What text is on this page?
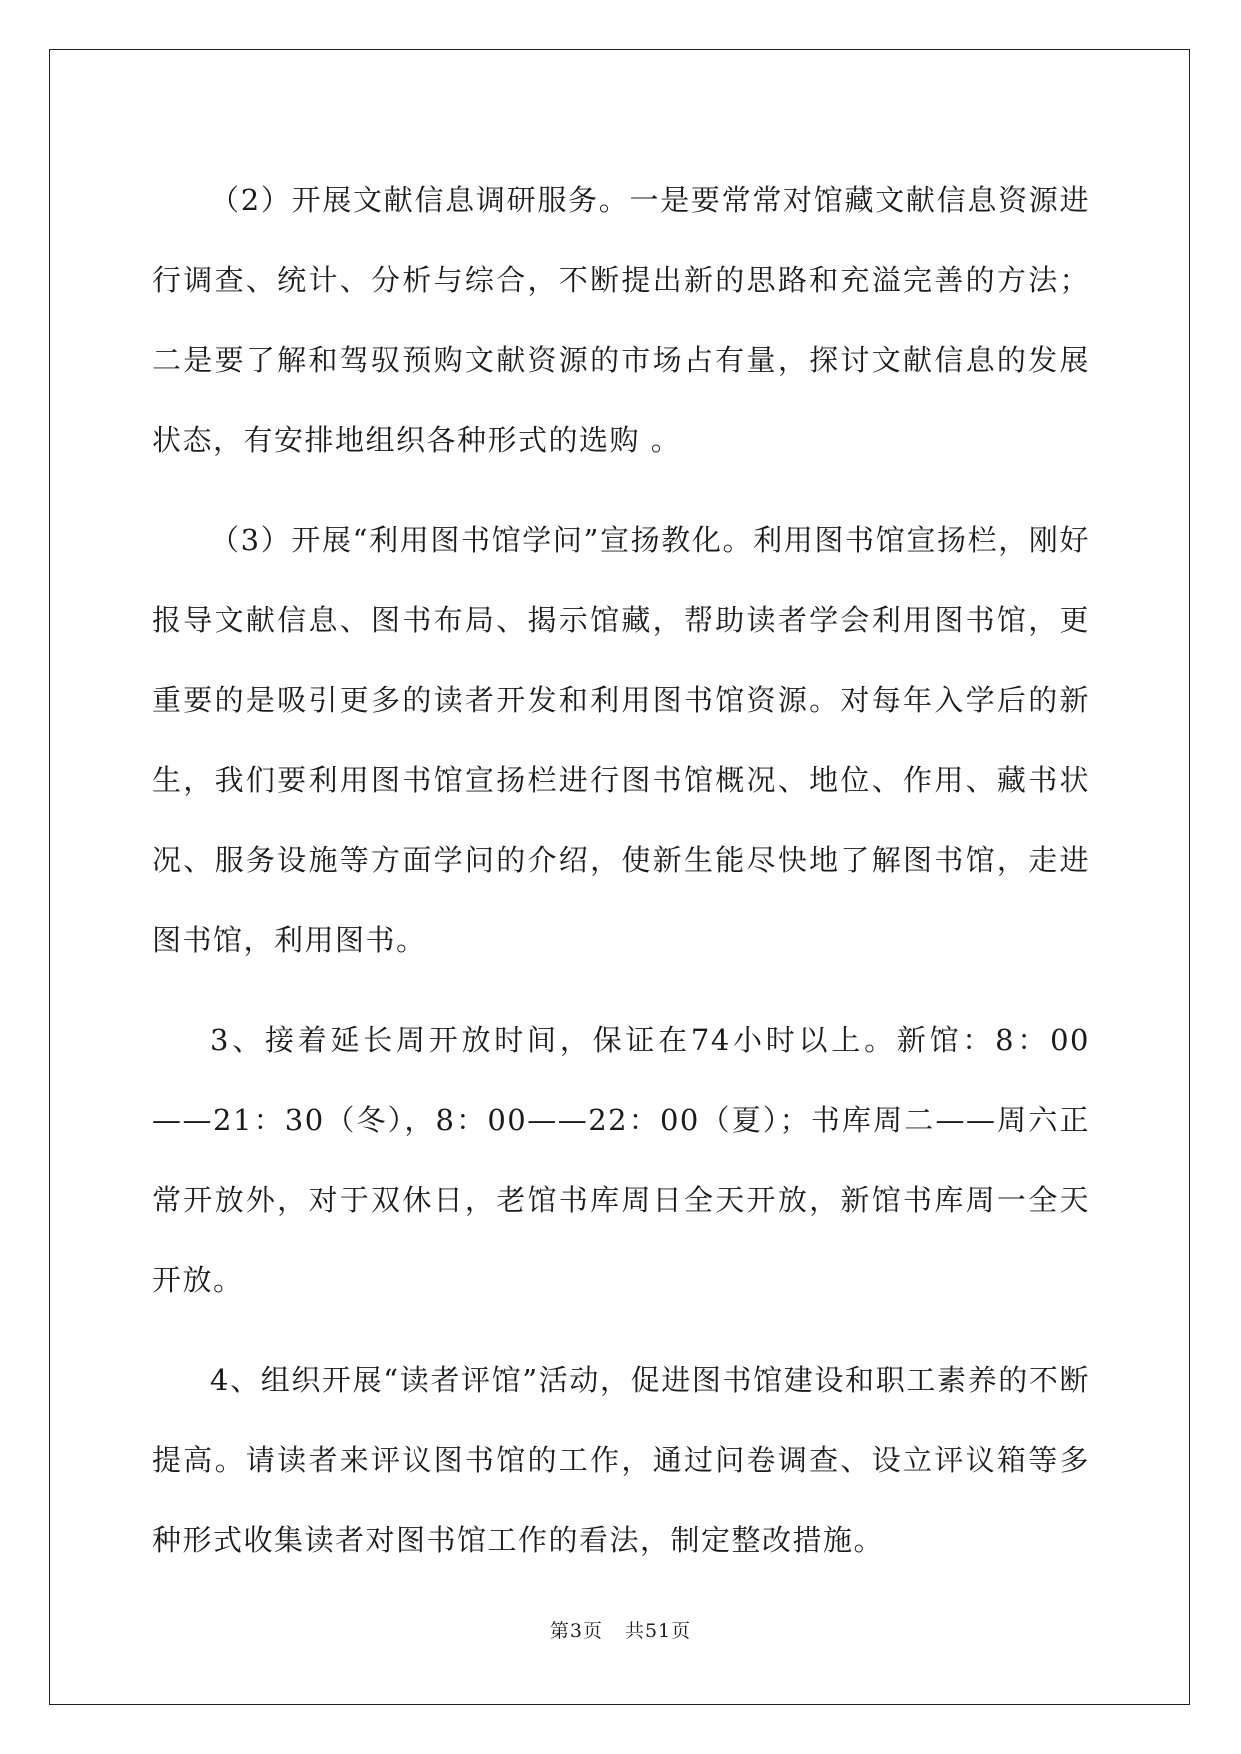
（2）开展文献信息调研服务。一是要常常对馆藏文献信息资源进行调查、统计、分析与综合，不断提出新的思路和充溢完善的方法；二是要了解和驾驭预购文献资源的市场占有量，探讨文献信息的发展状态，有安排地组织各种形式的选购 。

（3）开展“利用图书馆学问”宣扬教化。利用图书馆宣扬栏，刚好报导文献信息、图书布局、揭示馆藏，帮助读者学会利用图书馆，更重要的是吸引更多的读者开发和利用图书馆资源。对每年入学后的新生，我们要利用图书馆宣扬栏进行图书馆概况、地位、作用、藏书状况、服务设施等方面学问的介绍，使新生能尽快地了解图书馆，走进图书馆，利用图书。

3、接着延长周开放时间，保证在74小时以上。新馆：8：00——21：30（冬），8：00——22：00（夏）；书库周二——周六正常开放外，对于双休日，老馆书库周日全天开放，新馆书库周一全天开放。

4、组织开展“读者评馆”活动，促进图书馆建设和职工素养的不断提高。请读者来评议图书馆的工作，通过问卷调查、设立评议箱等多种形式收集读者对图书馆工作的看法，制定整改措施。

第3页 共51页
